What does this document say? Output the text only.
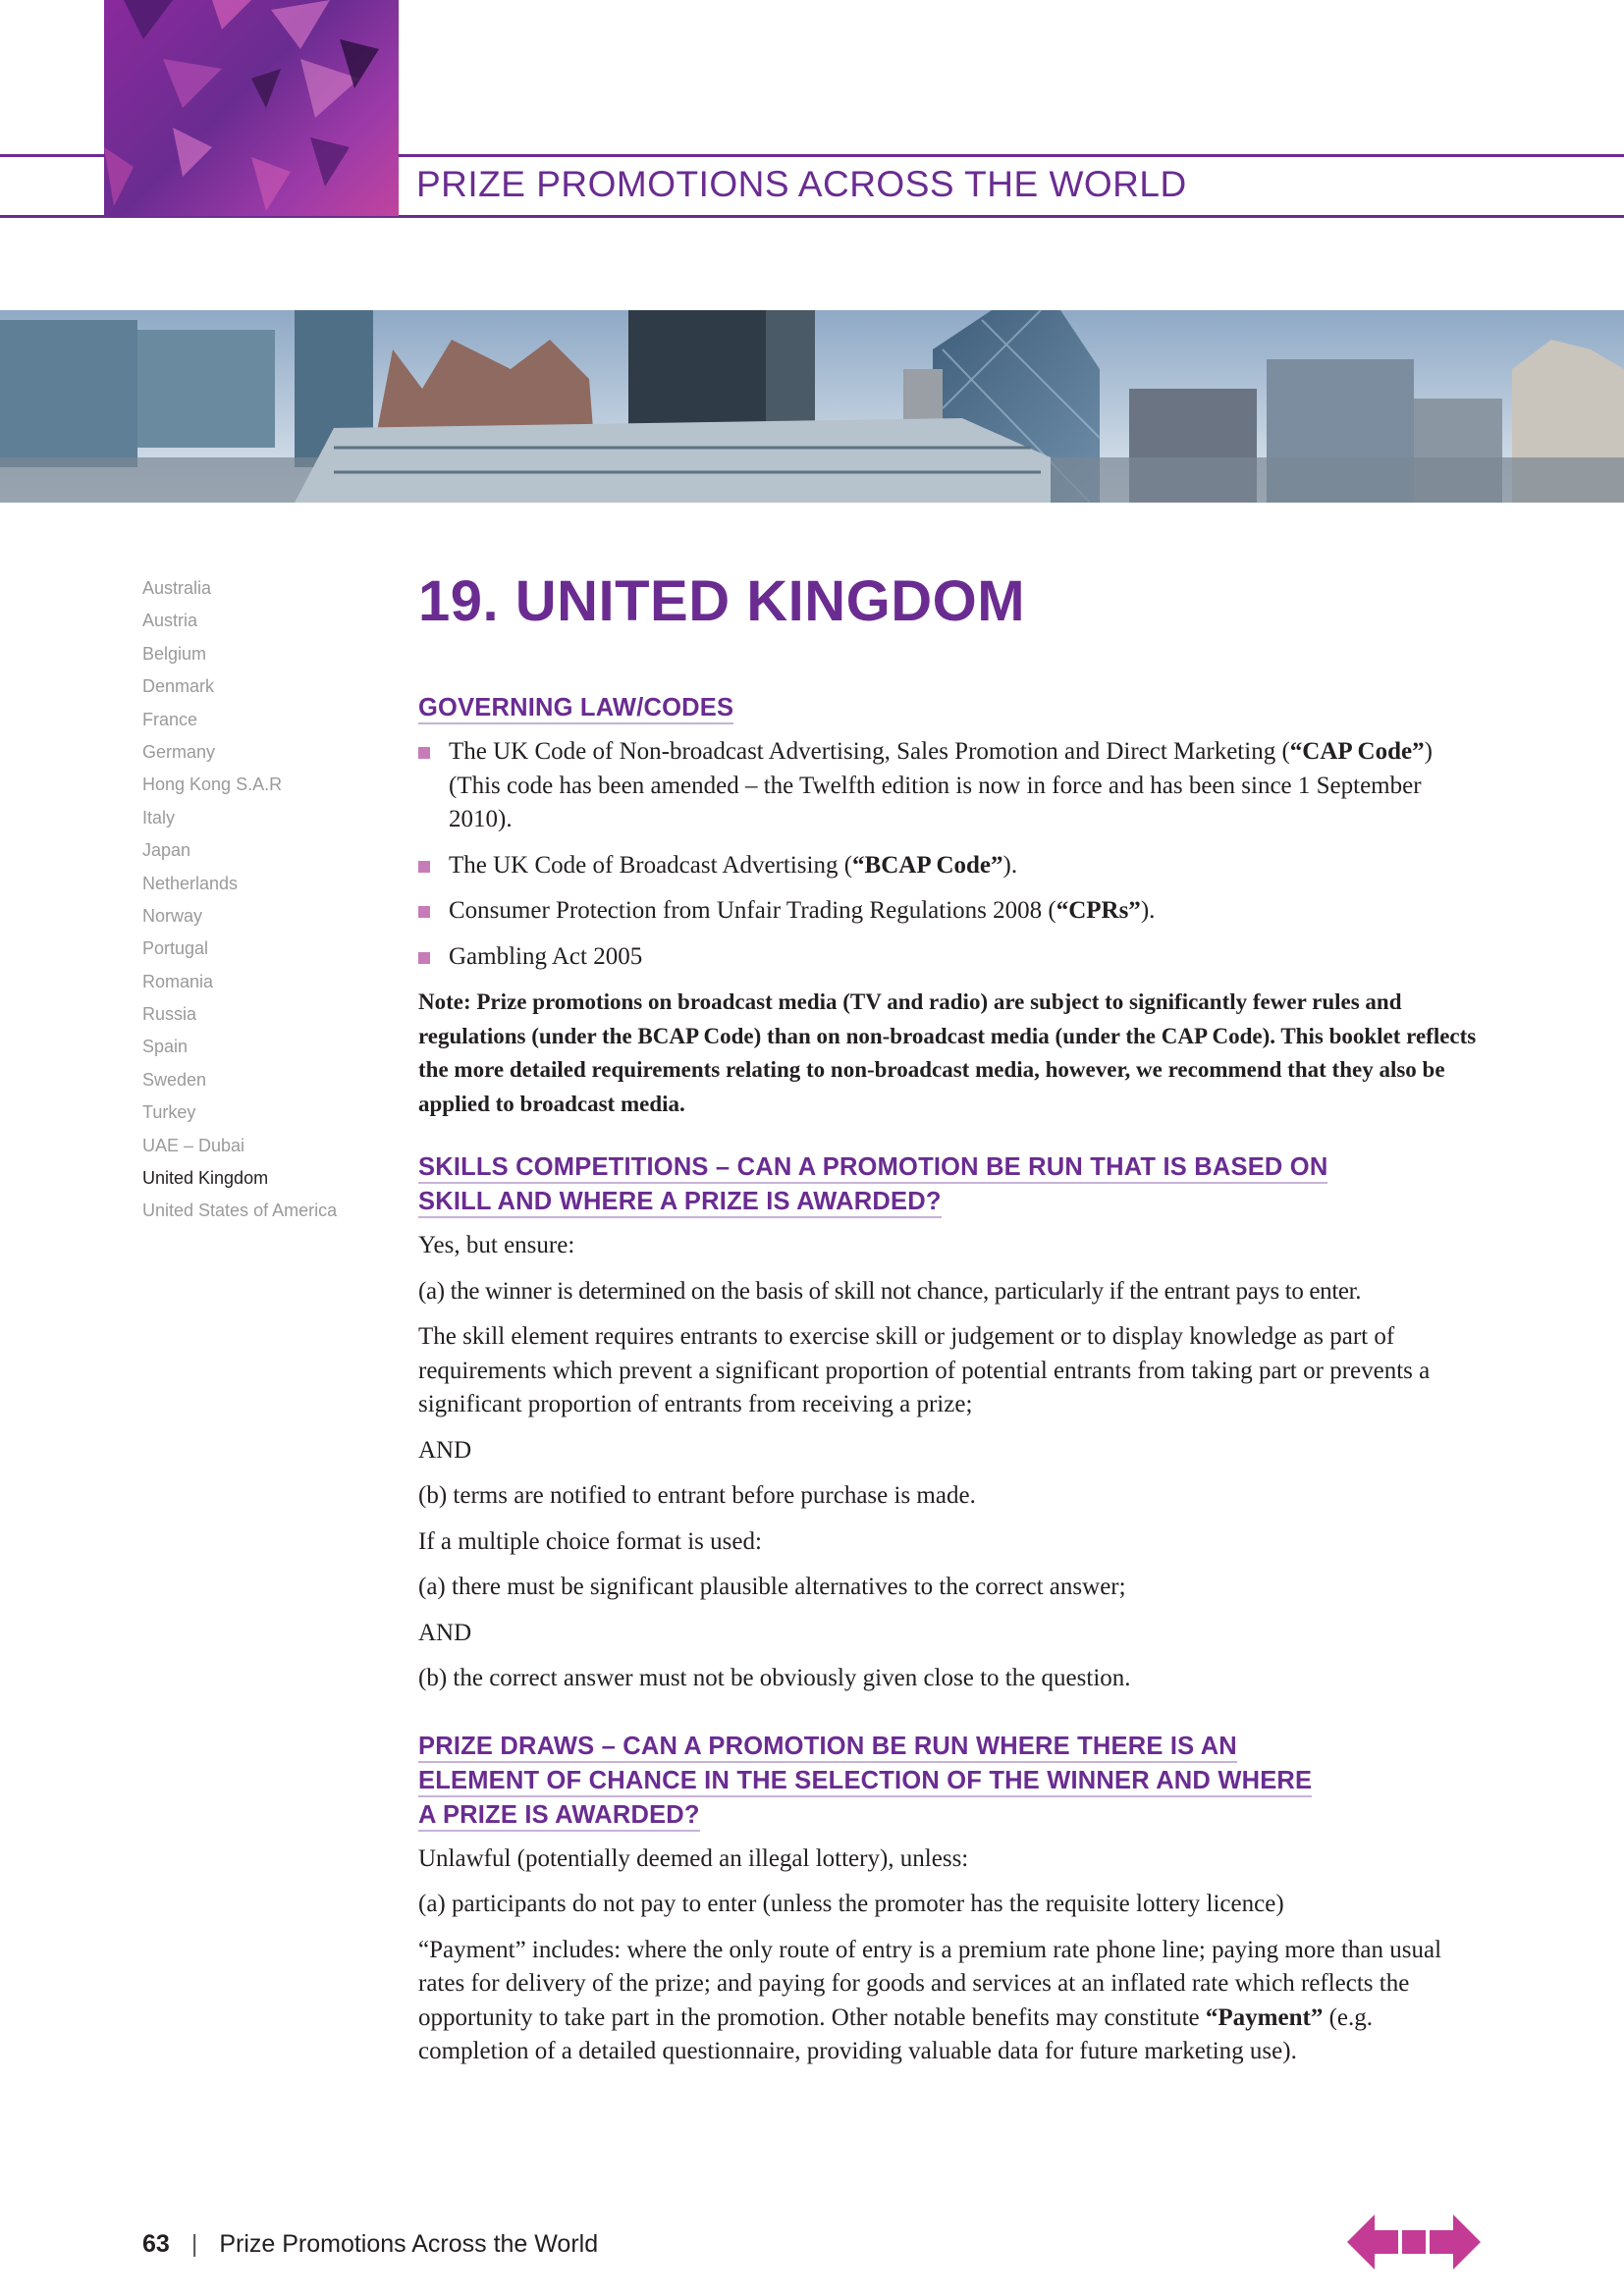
PRIZE PROMOTIONS ACROSS THE WORLD
Australia
Austria
Belgium
Denmark
France
Germany
Hong Kong S.A.R
Italy
Japan
Netherlands
Norway
Portugal
Romania
Russia
Spain
Sweden
Turkey
UAE – Dubai
United Kingdom
United States of America
19. UNITED KINGDOM
GOVERNING LAW/CODES
The UK Code of Non-broadcast Advertising, Sales Promotion and Direct Marketing (“CAP Code”) (This code has been amended – the Twelfth edition is now in force and has been since 1 September 2010).
The UK Code of Broadcast Advertising (“BCAP Code”).
Consumer Protection from Unfair Trading Regulations 2008 (“CPRs”).
Gambling Act 2005

Note: Prize promotions on broadcast media (TV and radio) are subject to significantly fewer rules and regulations (under the BCAP Code) than on non-broadcast media (under the CAP Code). This booklet reflects the more detailed requirements relating to non-broadcast media, however, we recommend that they also be applied to broadcast media.

SKILLS COMPETITIONS – CAN A PROMOTION BE RUN THAT IS BASED ON
SKILL AND WHERE A PRIZE IS AWARDED?

Yes, but ensure:

(a) the winner is determined on the basis of skill not chance, particularly if the entrant pays to enter.

The skill element requires entrants to exercise skill or judgement or to display knowledge as part of requirements which prevent a significant proportion of potential entrants from taking part or prevents a significant proportion of entrants from receiving a prize;

AND

(b) terms are notified to entrant before purchase is made.

If a multiple choice format is used:

(a) there must be significant plausible alternatives to the correct answer;

AND

(b) the correct answer must not be obviously given close to the question.

PRIZE DRAWS – CAN A PROMOTION BE RUN WHERE THERE IS AN
ELEMENT OF CHANCE IN THE SELECTION OF THE WINNER AND WHERE
A PRIZE IS AWARDED?

Unlawful (potentially deemed an illegal lottery), unless:

(a) participants do not pay to enter (unless the promoter has the requisite lottery licence)

“Payment” includes: where the only route of entry is a premium rate phone line; paying more than usual rates for delivery of the prize; and paying for goods and services at an inflated rate which reflects the opportunity to take part in the promotion. Other notable benefits may constitute “Payment” (e.g. completion of a detailed questionnaire, providing valuable data for future marketing use).

63 | Prize Promotions Across the World
